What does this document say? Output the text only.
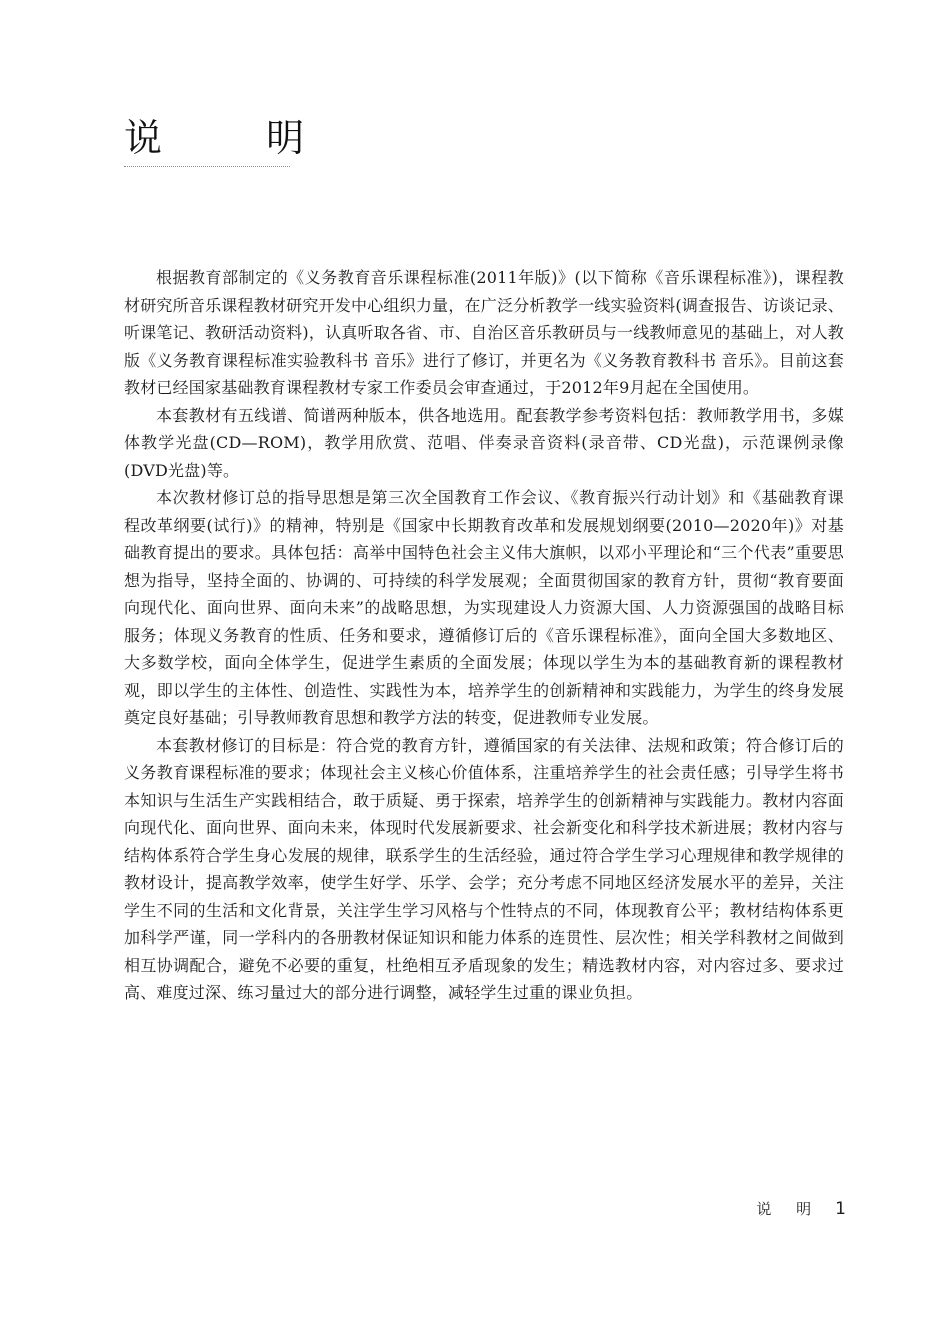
说 明

根据教育部制定的《义务教育音乐课程标准(2011年版)》(以下简称《音乐课程标准》)，课程教材研究所音乐课程教材研究开发中心组织力量，在广泛分析教学一线实验资料(调查报告、访谈记录、听课笔记、教研活动资料)，认真听取各省、市、自治区音乐教研员与一线教师意见的基础上，对人教版《义务教育课程标准实验教科书 音乐》进行了修订，并更名为《义务教育教科书 音乐》。目前这套教材已经国家基础教育课程教材专家工作委员会审查通过，于2012年9月起在全国使用。

本套教材有五线谱、简谱两种版本，供各地选用。配套教学参考资料包括：教师教学用书，多媒体教学光盘(CD—ROM)，教学用欣赏、范唱、伴奏录音资料(录音带、CD光盘)，示范课例录像(DVD光盘)等。

本次教材修订总的指导思想是第三次全国教育工作会议、《教育振兴行动计划》和《基础教育课程改革纲要(试行)》的精神，特别是《国家中长期教育改革和发展规划纲要(2010—2020年)》对基础教育提出的要求。具体包括：高举中国特色社会主义伟大旗帜，以邓小平理论和“三个代表”重要思想为指导，坚持全面的、协调的、可持续的科学发展观；全面贯彻国家的教育方针，贯彻“教育要面向现代化、面向世界、面向未来”的战略思想，为实现建设人力资源大国、人力资源强国的战略目标服务；体现义务教育的性质、任务和要求，遵循修订后的《音乐课程标准》，面向全国大多数地区、大多数学校，面向全体学生，促进学生素质的全面发展；体现以学生为本的基础教育新的课程教材观，即以学生的主体性、创造性、实践性为本，培养学生的创新精神和实践能力，为学生的终身发展奠定良好基础；引导教师教育思想和教学方法的转变，促进教师专业发展。

本套教材修订的目标是：符合党的教育方针，遵循国家的有关法律、法规和政策；符合修订后的义务教育课程标准的要求；体现社会主义核心价值体系，注重培养学生的社会责任感；引导学生将书本知识与生活生产实践相结合，敢于质疑、勇于探索，培养学生的创新精神与实践能力。教材内容面向现代化、面向世界、面向未来，体现时代发展新要求、社会新变化和科学技术新进展；教材内容与结构体系符合学生身心发展的规律，联系学生的生活经验，通过符合学生学习心理规律和教学规律的教材设计，提高教学效率，使学生好学、乐学、会学；充分考虑不同地区经济发展水平的差异，关注学生不同的生活和文化背景，关注学生学习风格与个性特点的不同，体现教育公平；教材结构体系更加科学严谨，同一学科内的各册教材保证知识和能力体系的连贯性、层次性；相关学科教材之间做到相互协调配合，避免不必要的重复，杜绝相互矛盾现象的发生；精选教材内容，对内容过多、要求过高、难度过深、练习量过大的部分进行调整，减轻学生过重的课业负担。

说 明 1
